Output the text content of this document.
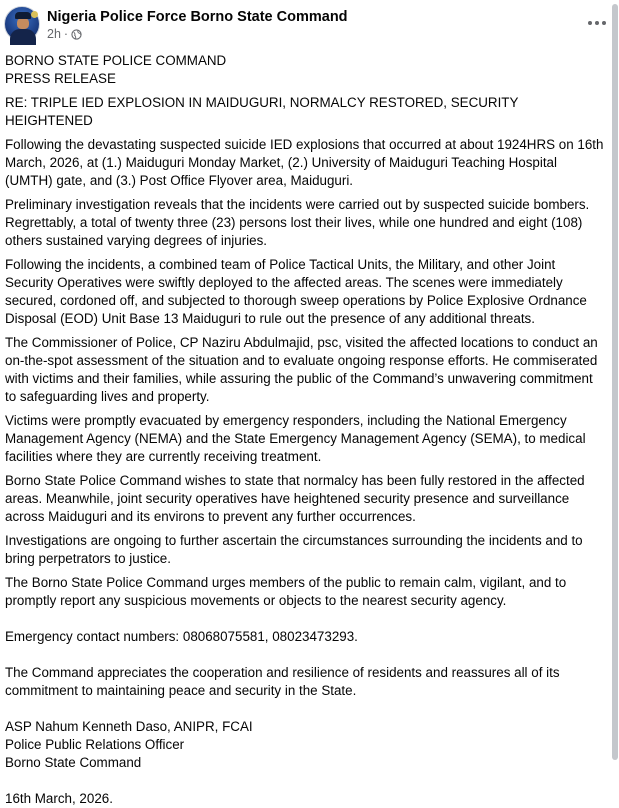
Nigeria Police Force Borno State Command
2h ·
BORNO STATE POLICE COMMAND
PRESS RELEASE

RE: TRIPLE IED EXPLOSION IN MAIDUGURI, NORMALCY RESTORED, SECURITY HEIGHTENED

Following the devastating suspected suicide IED explosions that occurred at about 1924HRS on 16th March, 2026, at (1.) Maiduguri Monday Market, (2.) University of Maiduguri Teaching Hospital (UMTH) gate, and (3.) Post Office Flyover area, Maiduguri.

Preliminary investigation reveals that the incidents were carried out by suspected suicide bombers. Regrettably, a total of twenty three (23) persons lost their lives, while one hundred and eight (108) others sustained varying degrees of injuries.

Following the incidents, a combined team of Police Tactical Units, the Military, and other Joint Security Operatives were swiftly deployed to the affected areas. The scenes were immediately secured, cordoned off, and subjected to thorough sweep operations by Police Explosive Ordnance Disposal (EOD) Unit Base 13 Maiduguri to rule out the presence of any additional threats.

The Commissioner of Police, CP Naziru Abdulmajid, psc, visited the affected locations to conduct an on-the-spot assessment of the situation and to evaluate ongoing response efforts. He commiserated with victims and their families, while assuring the public of the Command’s unwavering commitment to safeguarding lives and property.

Victims were promptly evacuated by emergency responders, including the National Emergency Management Agency (NEMA) and the State Emergency Management Agency (SEMA), to medical facilities where they are currently receiving treatment.

Borno State Police Command wishes to state that normalcy has been fully restored in the affected areas. Meanwhile, joint security operatives have heightened security presence and surveillance across Maiduguri and its environs to prevent any further occurrences.

Investigations are ongoing to further ascertain the circumstances surrounding the incidents and to bring perpetrators to justice.

The Borno State Police Command urges members of the public to remain calm, vigilant, and to promptly report any suspicious movements or objects to the nearest security agency.

Emergency contact numbers: 08068075581, 08023473293.

The Command appreciates the cooperation and resilience of residents and reassures all of its commitment to maintaining peace and security in the State.

ASP Nahum Kenneth Daso, ANIPR, FCAI
Police Public Relations Officer
Borno State Command
16th March, 2026.
